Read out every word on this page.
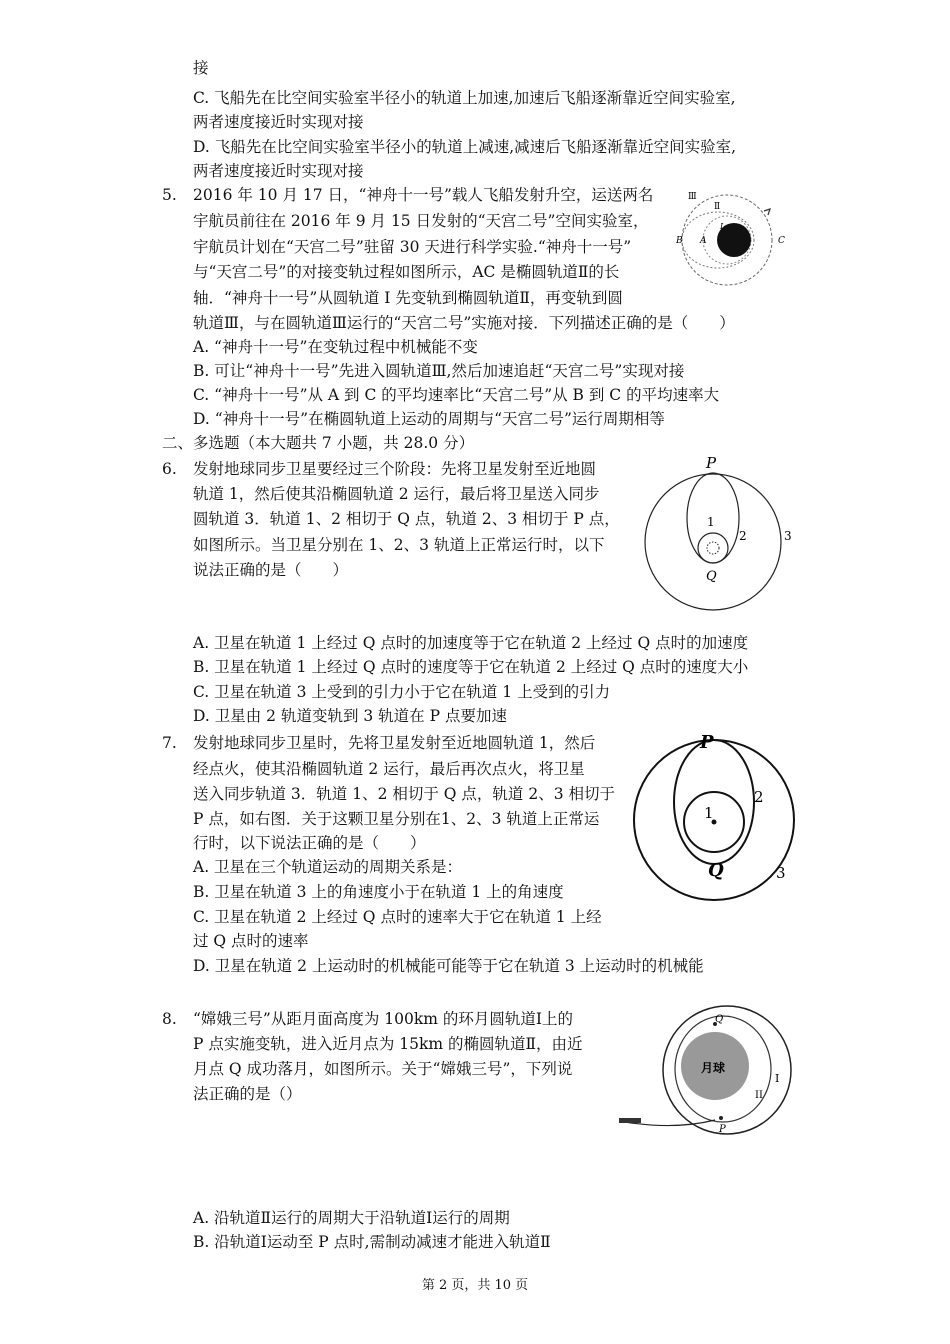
接
C. 飞船先在比空间实验室半径小的轨道上加速,加速后飞船逐渐靠近空间实验室,
两者速度接近时实现对接
D. 飞船先在比空间实验室半径小的轨道上减速,减速后飞船逐渐靠近空间实验室,
两者速度接近时实现对接
5. 2016 年 10 月 17 日，“神舟十一号”载人飞船发射升空，运送两名
宇航员前往在 2016 年 9 月 15 日发射的“天宫二号”空间实验室，
宇航员计划在“天宫二号”驻留 30 天进行科学实验.“神舟十一号”
与“天宫二号”的对接变轨过程如图所示，AC 是椭圆轨道Ⅱ的长
轴．“神舟十一号”从圆轨道 I 先变轨到椭圆轨道Ⅱ，再变轨到圆
轨道Ⅲ，与在圆轨道Ⅲ运行的“天宫二号”实施对接．下列描述正确的是（　　）
A. “神舟十一号”在变轨过程中机械能不变
B. 可让“神舟十一号”先进入圆轨道Ⅲ,然后加速追赶“天宫二号”实现对接
C. “神舟十一号”从 A 到 C 的平均速率比“天宫二号”从 B 到 C 的平均速率大
D. “神舟十一号”在椭圆轨道上运动的周期与“天宫二号”运行周期相等
Ⅲ
Ⅱ
I
B A	C
二、多选题（本大题共 7 小题，共 28.0 分）
6. 发射地球同步卫星要经过三个阶段：先将卫星发射至近地圆
轨道 1，然后使其沿椭圆轨道 2 运行，最后将卫星送入同步
圆轨道 3．轨道 1、2 相切于 Q 点，轨道 2、3 相切于 P 点，
如图所示。当卫星分别在 1、2、3 轨道上正常运行时，以下
说法正确的是（　　）
A. 卫星在轨道 1 上经过 Q 点时的加速度等于它在轨道 2 上经过 Q 点时的加速度
B. 卫星在轨道 1 上经过 Q 点时的速度等于它在轨道 2 上经过 Q 点时的速度大小
C. 卫星在轨道 3 上受到的引力小于它在轨道 1 上受到的引力
D. 卫星由 2 轨道变轨到 3 轨道在 P 点要加速
P
Q
1
2	3
7. 发射地球同步卫星时，先将卫星发射至近地圆轨道 1，然后
经点火，使其沿椭圆轨道 2 运行，最后再次点火，将卫星
送入同步轨道 3．轨道 1、2 相切于 Q 点，轨道 2、3 相切于
P 点，如右图．关于这颗卫星分别在1、2、3 轨道上正常运
行时，以下说法正确的是（　　）
A. 卫星在三个轨道运动的周期关系是：
B. 卫星在轨道 3 上的角速度小于在轨道 1 上的角速度
C. 卫星在轨道 2 上经过 Q 点时的速率大于它在轨道 1 上经
过 Q 点时的速率
D. 卫星在轨道 2 上运动时的机械能可能等于它在轨道 3 上运动时的机械能
P
Q
1
2
3
8. “嫦娥三号”从距月面高度为 100km 的环月圆轨道Ⅰ上的
P 点实施变轨，进入近月点为 15km 的椭圆轨道Ⅱ，由近
月点 Q 成功落月，如图所示。关于“嫦娥三号”，下列说
法正确的是（）
A. 沿轨道Ⅱ运行的周期大于沿轨道Ⅰ运行的周期
B. 沿轨道Ⅰ运动至 P 点时,需制动减速才能进入轨道Ⅱ
月球
Q
P
I
II
第 2 页，共 10 页
